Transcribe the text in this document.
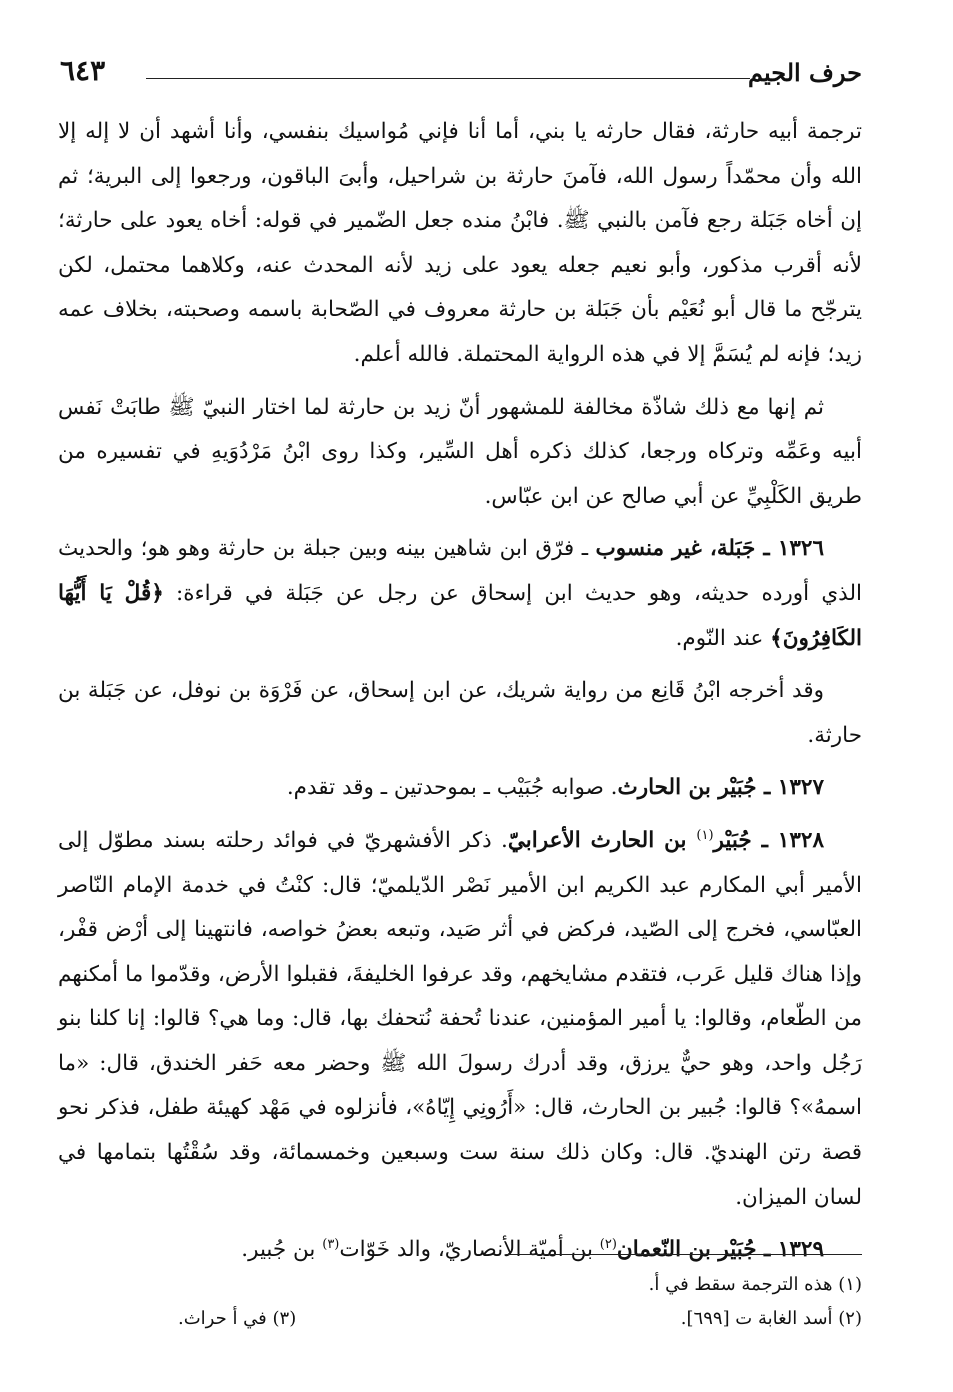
حرف الجيم
٦٤٣

ترجمة أبيه حارثة، فقال حارثه يا بني، أما أنا فإني مُواسيك بنفسي، وأنا أشهد أن لا إله إلا الله وأن محمّداً رسول الله، فآمنَ حارثة بن شراحيل، وأبىَ الباقون، ورجعوا إلى البرية؛ ثم إن أخاه جَبَلة رجع فآمن بالنبي ﷺ. فابْنُ منده جعل الضّمير في قوله: أخاه يعود على حارثة؛ لأنه أقرب مذكور، وأبو نعيم جعله يعود على زيد لأنه المحدث عنه، وكلاهما محتمل، لكن يترجّح ما قال أبو نُعَيْم بأن جَبَلة بن حارثة معروف في الصّحابة باسمه وصحبته، بخلاف عمه زيد؛ فإنه لم يُسَمَّ إلا في هذه الرواية المحتملة. فالله أعلم.

ثم إنها مع ذلك شاذّة مخالفة للمشهور أنّ زيد بن حارثة لما اختار النبيّ ﷺ طابَتْ نَفس أبيه وعَمِّه وتركاه ورجعا، كذلك ذكره أهل السِّير، وكذا روى ابْنُ مَرْدُوَيهِ في تفسيره من طريق الكَلْبِيِّ عن أبي صالح عن ابن عبّاس.

١٣٢٦ ـ جَبَلة، غير منسوب ـ فرّق ابن شاهين بينه وبين جبلة بن حارثة وهو هو؛ والحديث الذي أورده حديثه، وهو حديث ابن إسحاق عن رجل عن جَبَلة في قراءة: ﴿قُلْ يَا أَيُّهَا الكَافِرُونَ﴾ عند النّوم.

وقد أخرجه ابْنُ قَانِع من رواية شريك، عن ابن إسحاق، عن فَرْوَة بن نوفل، عن جَبَلة بن حارثة.

١٣٢٧ ـ جُبَيْر بن الحارث. صوابه جُبَيْب ـ بموحدتين ـ وقد تقدم.

١٣٢٨ ـ جُبَيْر$^{(١)}$ بن الحارث الأعرابيّ. ذكر الأفشهريّ في فوائد رحلته بسند مطوّل إلى الأمير أبي المكارم عبد الكريم ابن الأمير نَصْر الدّيلميّ؛ قال: كنْتُ في خدمة الإمام النّاصر العبّاسي، فخرج إلى الصّيد، فركض في أثر صَيد، وتبعه بعضُ خواصه، فانتهينا إلى أرْض قفْر، وإذا هناك قليل عَرب، فتقدم مشايخهم، وقد عرفوا الخليفةَ، فقبلوا الأرض، وقدّموا ما أمكنهم من الطّعام، وقالوا: يا أمير المؤمنين، عندنا تُحفة نُتحفك بها، قال: وما هي؟ قالوا: إنا كلنا بنو رَجُل واحد، وهو حيٌّ يرزق، وقد أدرك رسولَ الله ﷺ وحضر معه حَفر الخندق، قال: «ما اسمهُ»؟ قالوا: جُبير بن الحارث، قال: «أَرُونِي إِيّاهُ»، فأنزلوه في مَهْد كهيئة طفل، فذكر نحو قصة رتن الهنديّ. قال: وكان ذلك سنة ست وسبعين وخمسمائة، وقد سُقْتُها بتمامها في لسان الميزان.

١٣٢٩ ـ جُبَيْر بن النّعمان$^{(٢)}$ بن أميّة الأنصاريّ، والد خَوّات$^{(٣)}$ بن جُبير.

(١) هذه الترجمة سقط في أ.
(٢) أسد الغابة ت [٦٩٩].
(٣) في أ حراث.
